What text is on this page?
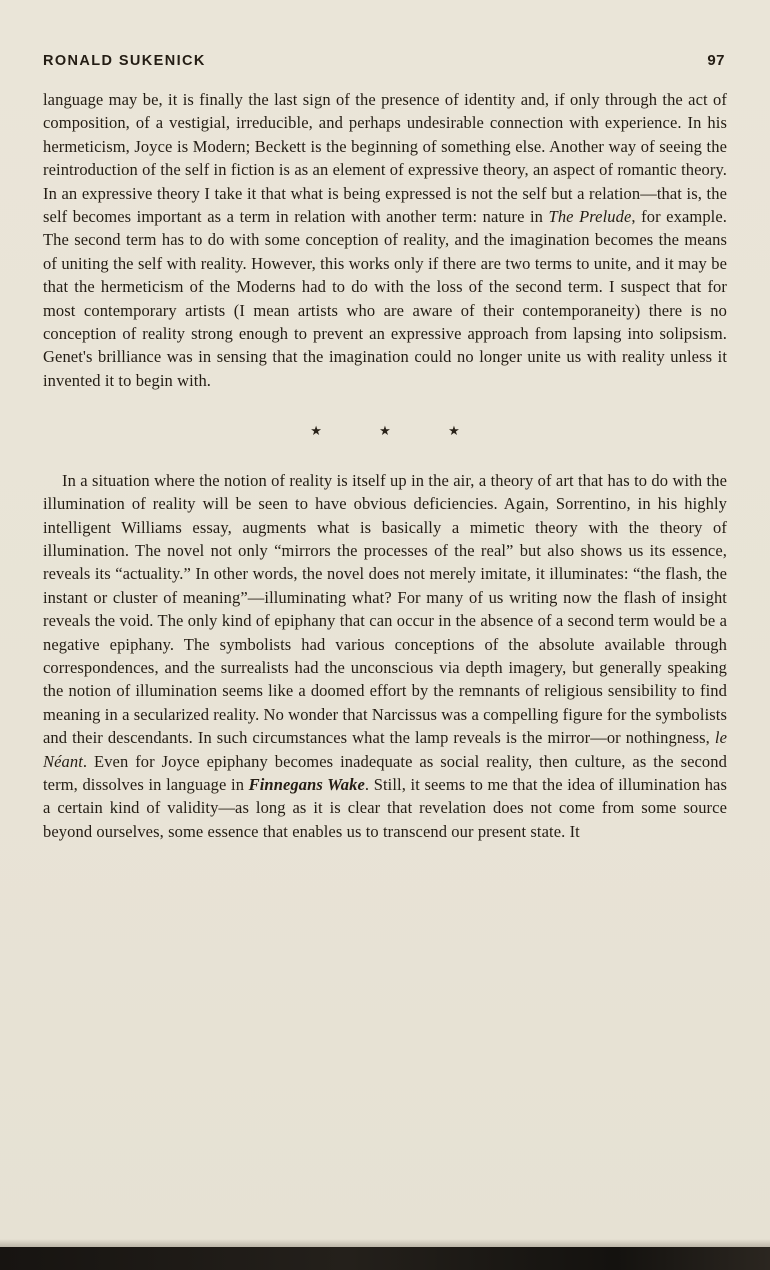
RONALD SUKENICK	97

language may be, it is finally the last sign of the presence of identity and, if only through the act of composition, of a vestigial, irreducible, and perhaps undesirable connection with experience. In his hermeticism, Joyce is Modern; Beckett is the beginning of something else. Another way of seeing the reintroduction of the self in fiction is as an element of expressive theory, an aspect of romantic theory. In an expressive theory I take it that what is being expressed is not the self but a relation—that is, the self becomes important as a term in relation with another term: nature in The Prelude, for example. The second term has to do with some conception of reality, and the imagination becomes the means of uniting the self with reality. However, this works only if there are two terms to unite, and it may be that the hermeticism of the Moderns had to do with the loss of the second term. I suspect that for most contemporary artists (I mean artists who are aware of their contemporaneity) there is no conception of reality strong enough to prevent an expressive approach from lapsing into solipsism. Genet's brilliance was in sensing that the imagination could no longer unite us with reality unless it invented it to begin with.

★ ★ ★

In a situation where the notion of reality is itself up in the air, a theory of art that has to do with the illumination of reality will be seen to have obvious deficiencies. Again, Sorrentino, in his highly intelligent Williams essay, augments what is basically a mimetic theory with the theory of illumination. The novel not only “mirrors the processes of the real” but also shows us its essence, reveals its “actuality.” In other words, the novel does not merely imitate, it illuminates: “the flash, the instant or cluster of meaning”—illuminating what? For many of us writing now the flash of insight reveals the void. The only kind of epiphany that can occur in the absence of a second term would be a negative epiphany. The symbolists had various conceptions of the absolute available through correspondences, and the surrealists had the unconscious via depth imagery, but generally speaking the notion of illumination seems like a doomed effort by the remnants of religious sensibility to find meaning in a secularized reality. No wonder that Narcissus was a compelling figure for the symbolists and their descendants. In such circumstances what the lamp reveals is the mirror—or nothingness, le Néant. Even for Joyce epiphany becomes inadequate as social reality, then culture, as the second term, dissolves in language in Finnegans Wake. Still, it seems to me that the idea of illumination has a certain kind of validity—as long as it is clear that revelation does not come from some source beyond ourselves, some essence that enables us to transcend our present state. It
